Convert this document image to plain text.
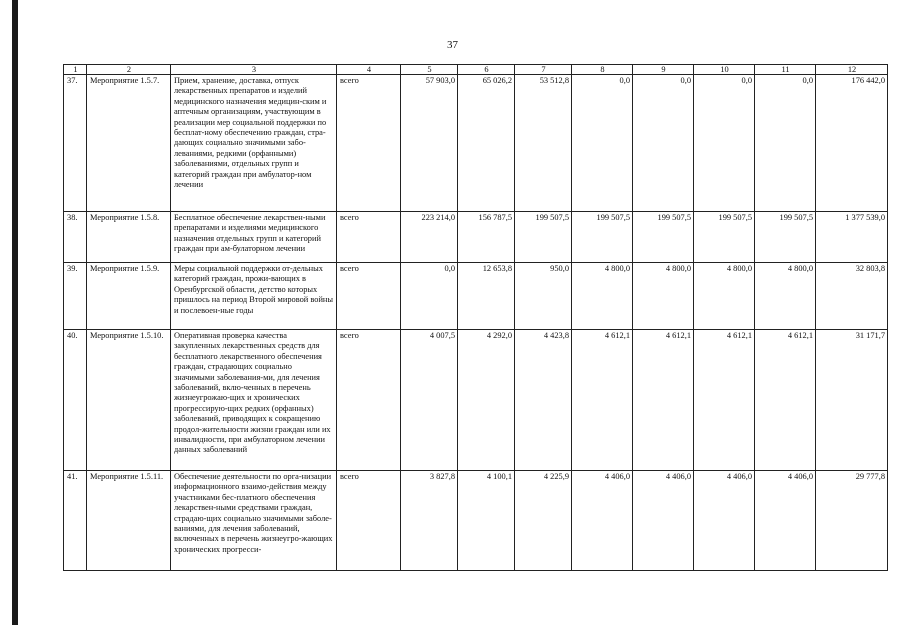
37
1	2	3	4	5	6	7	8	9	10	11	12
37.	Мероприятие 1.5.7.	Прием, хранение, доставка, отпуск лекарственных препаратов и изделий медицинского назначения медицин-ским и аптечным организациям, участвующим в реализации мер социальной поддержки по бесплат-ному обеспечению граждан, стра-дающих социально значимыми забо-леваниями, редкими (орфанными) заболеваниями, отдельных групп и категорий граждан при амбулатор-ном лечении	всего	57 903,0	65 026,2	53 512,8	0,0	0,0	0,0	0,0	176 442,0
38.	Мероприятие 1.5.8.	Бесплатное обеспечение лекарствен-ными препаратами и изделиями медицинского назначения отдельных групп и категорий граждан при ам-булаторном лечении	всего	223 214,0	156 787,5	199 507,5	199 507,5	199 507,5	199 507,5	199 507,5	1 377 539,0
39.	Мероприятие 1.5.9.	Меры социальной поддержки от-дельных категорий граждан, прожи-вающих в Оренбургской области, детство которых пришлось на период Второй мировой войны и послевоен-ные годы	всего	0,0	12 653,8	950,0	4 800,0	4 800,0	4 800,0	4 800,0	32 803,8
40.	Мероприятие 1.5.10.	Оперативная проверка качества закупленных лекарственных средств для бесплатного лекарственного обеспечения граждан, страдающих социально значимыми заболевания-ми, для лечения заболеваний, вклю-ченных в перечень жизнеугрожаю-щих и хронических прогрессирую-щих редких (орфанных) заболеваний, приводящих к сокращению продол-жительности жизни граждан или их инвалидности, при амбулаторном лечении данных заболеваний	всего	4 007,5	4 292,0	4 423,8	4 612,1	4 612,1	4 612,1	4 612,1	31 171,7
41.	Мероприятие 1.5.11.	Обеспечение деятельности по орга-низации информационного взаимо-действия между участниками бес-платного обеспечения лекарствен-ными средствами граждан, страдаю-щих социально значимыми заболе-ваниями, для лечения заболеваний, включенных в перечень жизнеугро-жающих хронических прогресси-	всего	3 827,8	4 100,1	4 225,9	4 406,0	4 406,0	4 406,0	4 406,0	29 777,8
